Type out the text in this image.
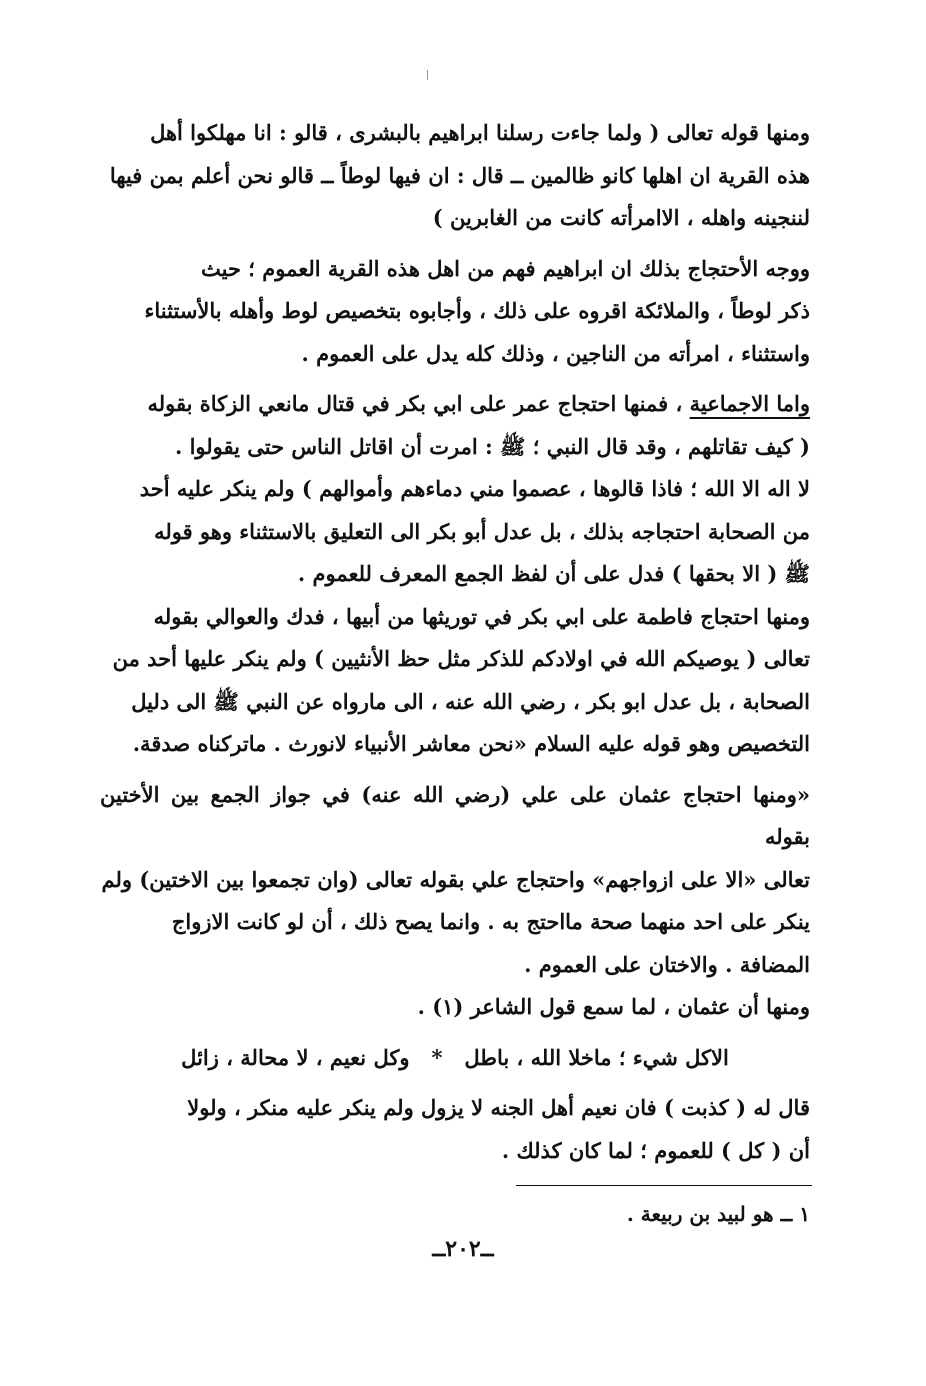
ومنها قوله تعالى ( ولما جاءت رسلنا ابراهيم بالبشرى ، قالو : انا مهلكوا أهل
هذه القرية ان اهلها كانو ظالمين ــ قال : ان فيها لوطاً ــ قالو نحن أعلم بمن فيها
لننجينه واهله ، الاامرأته كانت من الغابرين )

ووجه الأحتجاج بذلك ان ابراهيم فهم من اهل هذه القرية العموم ؛ حيث
ذكر لوطاً ، والملائكة اقروه على ذلك ، وأجابوه بتخصيص لوط وأهله بالأستثناء
واستثناء ، امرأته من الناجين ، وذلك كله يدل على العموم .

واما الاجماعية ، فمنها احتجاج عمر على ابي بكر في قتال مانعي الزكاة بقوله
( كيف تقاتلهم ، وقد قال النبي ؛ ﷺ : امرت أن اقاتل الناس حتى يقولوا .
لا اله الا الله ؛ فاذا قالوها ، عصموا مني دماءهم وأموالهم ) ولم ينكر عليه أحد
من الصحابة احتجاجه بذلك ، بل عدل أبو بكر الى التعليق بالاستثناء وهو قوله
ﷺ ( الا بحقها ) فدل على أن لفظ الجمع المعرف للعموم .

ومنها احتجاج فاطمة على ابي بكر في توريثها من أبيها ، فدك والعوالي بقوله
تعالى ( يوصيكم الله في اولادكم للذكر مثل حظ الأنثيين ) ولم ينكر عليها أحد من
الصحابة ، بل عدل ابو بكر ، رضي الله عنه ، الى مارواه عن النبي ﷺ الى دليل
التخصيص وهو قوله عليه السلام «نحن معاشر الأنبياء لانورث . ماتركناه صدقة.

«ومنها احتجاج عثمان على علي (رضي الله عنه) في جواز الجمع بين الأختين بقوله
تعالى «الا على ازواجهم» واحتجاج علي بقوله تعالى (وان تجمعوا بين الاختين) ولم
ينكر على احد منهما صحة مااحتج به . وانما يصح ذلك ، أن لو كانت الازواج
المضافة . والاختان على العموم .

ومنها أن عثمان ، لما سمع قول الشاعر (١) .

الاكل شيء ؛ ماخلا الله ، باطل   *   وكل نعيم ، لا محالة ، زائل

قال له ( كذبت ) فان نعيم أهل الجنه لا يزول ولم ينكر عليه منكر ، ولولا
أن ( كل ) للعموم ؛ لما كان كذلك .

١ ــ هو لبيد بن ربيعة .
ــ٢٠٢ــ
